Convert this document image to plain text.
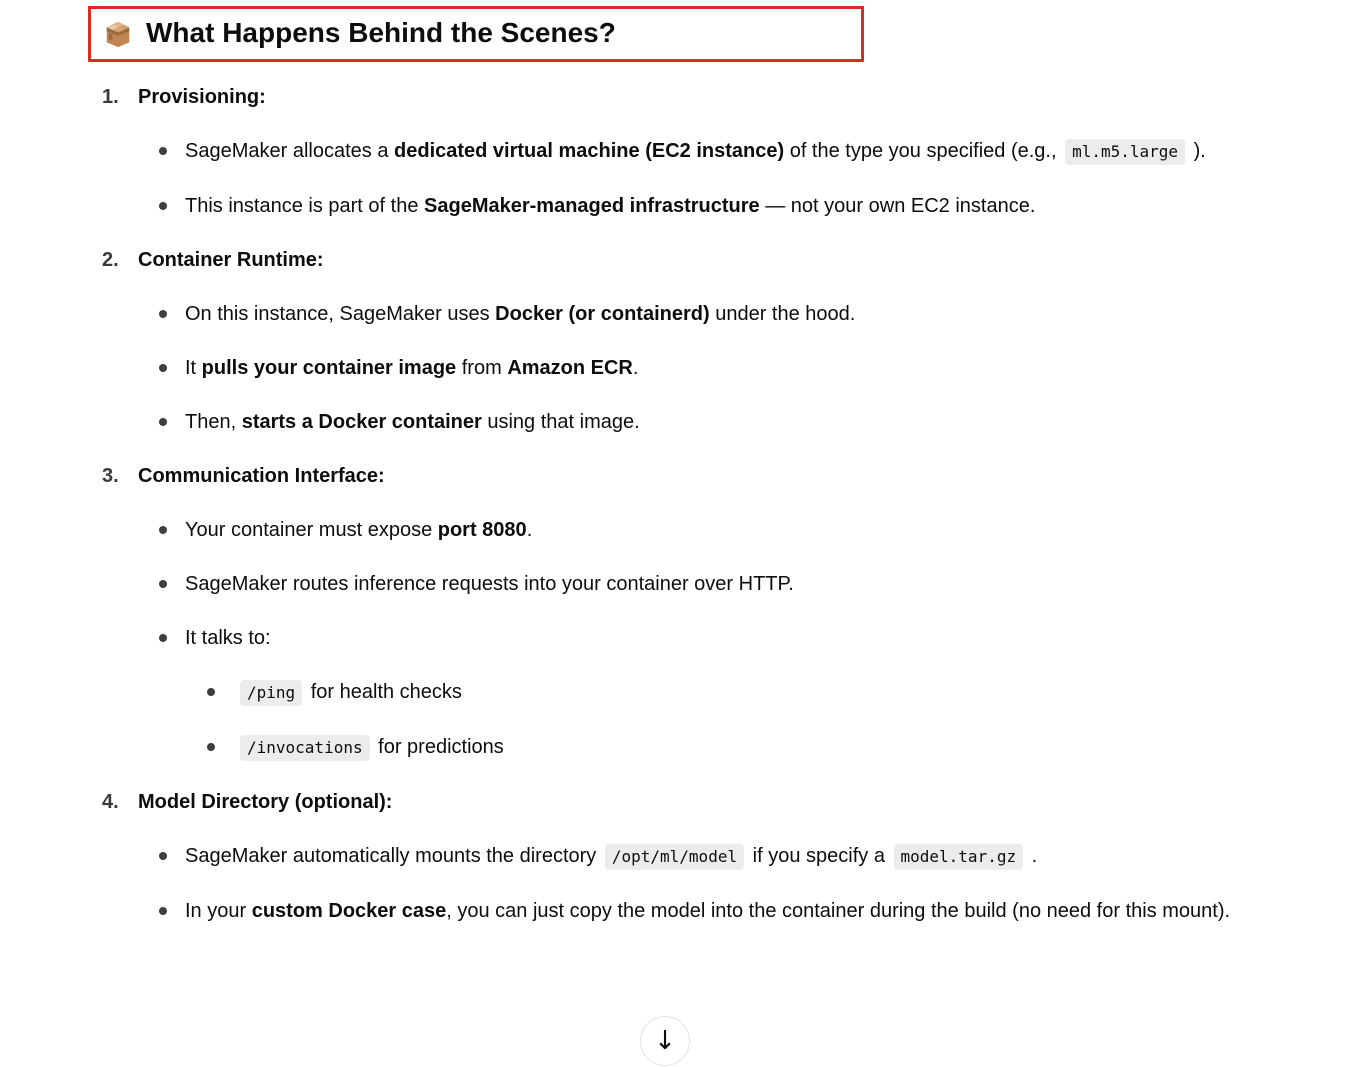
What Happens Behind the Scenes?

1. Provisioning:
SageMaker allocates a dedicated virtual machine (EC2 instance) of the type you specified (e.g., ml.m5.large ).
This instance is part of the SageMaker-managed infrastructure — not your own EC2 instance.
2. Container Runtime:
On this instance, SageMaker uses Docker (or containerd) under the hood.
It pulls your container image from Amazon ECR.
Then, starts a Docker container using that image.
3. Communication Interface:
Your container must expose port 8080.
SageMaker routes inference requests into your container over HTTP.
It talks to:
/ping for health checks
/invocations for predictions
4. Model Directory (optional):
SageMaker automatically mounts the directory /opt/ml/model if you specify a model.tar.gz .
In your custom Docker case, you can just copy the model into the container during the build (no need for this mount).
↓
